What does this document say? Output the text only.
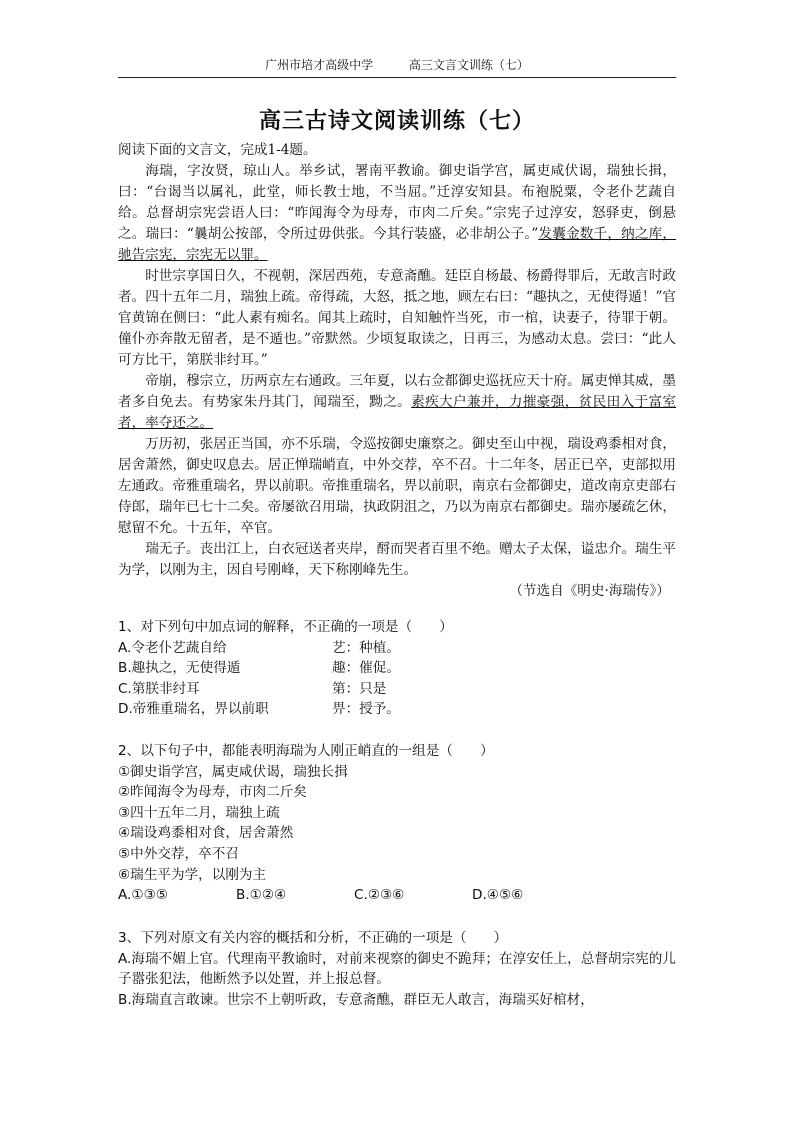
广州市培才高级中学	高三文言文训练（七）
高三古诗文阅读训练（七）

阅读下面的文言文，完成1-4题。

海瑞，字汝贤，琼山人。举乡试，署南平教谕。御史诣学宫，属吏咸伏谒，瑞独长揖，曰：“台谒当以属礼，此堂，师长教士地，不当屈。”迁淳安知县。布袍脱粟，令老仆艺蔬自给。总督胡宗宪尝语人曰：“昨闻海令为母寿，市肉二斤矣。”宗宪子过淳安，怒驿吏，倒悬之。瑞曰：“曩胡公按部，令所过毋供张。今其行装盛，必非胡公子。”发囊金数千，纳之库，驰告宗宪，宗宪无以罪。

时世宗享国日久，不视朝，深居西苑，专意斋醮。廷臣自杨最、杨爵得罪后，无敢言时政者。四十五年二月，瑞独上疏。帝得疏，大怒，抵之地，顾左右曰：“趣执之，无使得遁！”官官黄锦在侧曰：“此人素有痴名。闻其上疏时，自知触忤当死，市一棺，诀妻子，待罪于朝。僮仆亦奔散无留者，是不遁也。”帝默然。少顷复取读之，日再三，为感动太息。尝曰：“此人可方比干，第朕非纣耳。”

帝崩，穆宗立，历两京左右通政。三年夏，以右佥都御史巡抚应天十府。属吏惮其威，墨者多自免去。有势家朱丹其门，闻瑞至，黝之。素疾大户兼并，力摧豪强，贫民田入于富室者，率夺还之。

万历初，张居正当国，亦不乐瑞，令巡按御史廉察之。御史至山中视，瑞设鸡黍相对食，居舍萧然，御史叹息去。居正惮瑞峭直，中外交荐，卒不召。十二年冬，居正已卒，吏部拟用左通政。帝雅重瑞名，畀以前职。帝推重瑞名，畀以前职，南京右佥都御史，道改南京吏部右侍郎，瑞年已七十二矣。帝屡欲召用瑞，执政阴沮之，乃以为南京右都御史。瑞亦屡疏乞休，慰留不允。十五年，卒官。

瑞无子。丧出江上，白衣冠送者夹岸，酹而哭者百里不绝。赠太子太保，谥忠介。瑞生平为学，以刚为主，因自号刚峰，天下称刚峰先生。

（节选自《明史·海瑞传》）

1、对下列句中加点词的解释，不正确的一项是（　　）

A.令老仆艺蔬自给	艺：种植。
B.趣执之，无使得遁	趣：催促。
C.第朕非纣耳	第：只是
D.帝雅重瑞名，畀以前职	畀：授予。

2、以下句子中，都能表明海瑞为人刚正峭直的一组是（　　）

①御史诣学宫，属吏咸伏谒，瑞独长揖

②昨闻海令为母寿，市肉二斤矣

③四十五年二月，瑞独上疏

④瑞设鸡黍相对食，居舍萧然

⑤中外交荐，卒不召

⑥瑞生平为学，以刚为主

A.①③⑤	B.①②④	C.②③⑥	D.④⑤⑥

3、下列对原文有关内容的概括和分析，不正确的一项是（　　）

A.海瑞不媚上官。代理南平教谕时，对前来视察的御史不跪拜；在淳安任上，总督胡宗宪的儿子嚣张犯法，他断然予以处置，并上报总督。

B.海瑞直言敢谏。世宗不上朝听政，专意斋醮，群臣无人敢言，海瑞买好棺材，
